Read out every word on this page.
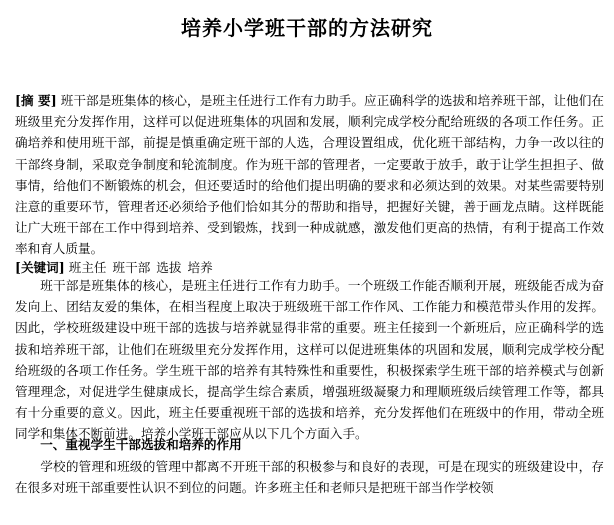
培养小学班干部的方法研究
[摘 要] 班干部是班集体的核心，是班主任进行工作有力助手。应正确科学的选拔和培养班干部，让他们在班级里充分发挥作用，这样可以促进班集体的巩固和发展，顺利完成学校分配给班级的各项工作任务。正确培养和使用班干部，前提是慎重确定班干部的人选，合理设置组成，优化班干部结构，力争一改以往的干部终身制，采取竞争制度和轮流制度。作为班干部的管理者，一定要敢于放手，敢于让学生担担子、做事情，给他们不断锻炼的机会，但还要适时的给他们提出明确的要求和必须达到的效果。对某些需要特别注意的重要环节，管理者还必须给予他们恰如其分的帮助和指导，把握好关键，善于画龙点睛。这样既能让广大班干部在工作中得到培养、受到锻炼，找到一种成就感，激发他们更高的热情，有利于提高工作效率和育人质量。
[关键词] 班主任 班干部 选拔 培养
班干部是班集体的核心，是班主任进行工作有力助手。一个班级工作能否顺利开展，班级能否成为奋发向上、团结友爱的集体，在相当程度上取决于班级班干部工作作风、工作能力和模范带头作用的发挥。因此，学校班级建设中班干部的选拔与培养就显得非常的重要。班主任接到一个新班后，应正确科学的选拔和培养班干部，让他们在班级里充分发挥作用，这样可以促进班集体的巩固和发展，顺利完成学校分配给班级的各项工作任务。学生班干部的培养有其特殊性和重要性，积极探索学生班干部的培养模式与创新管理理念，对促进学生健康成长，提高学生综合素质，增强班级凝聚力和理顺班级后续管理工作等，都具有十分重要的意义。因此，班主任要重视班干部的选拔和培养，充分发挥他们在班级中的作用，带动全班同学和集体不断前进。培养小学班干部应从以下几个方面入手。
一、重视学生干部选拔和培养的作用
学校的管理和班级的管理中都离不开班干部的积极参与和良好的表现，可是在现实的班级建设中，存在很多对班干部重要性认识不到位的问题。许多班主任和老师只是把班干部当作学校领
